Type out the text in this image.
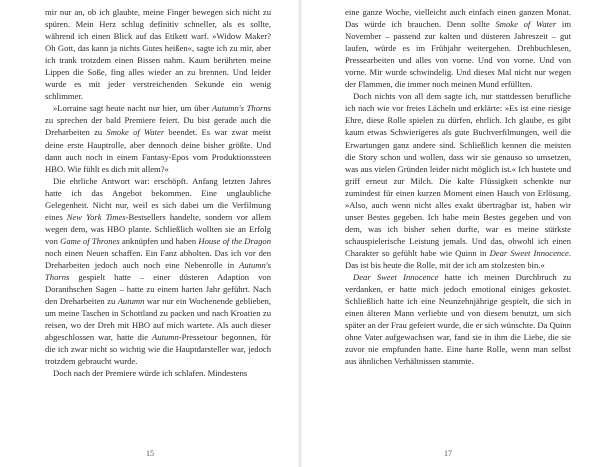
mir nur an, ob ich glaubte, meine Finger bewegen sich nicht zu spüren. Mein Herz schlug definitiv schneller, als es sollte, während ich einen Blick auf das Etikett warf. »Widow Maker? Oh Gott, das kann ja nichts Gutes heißen«, sagte ich zu mir, aber ich trank trotzdem einen Bissen nahm. Kaum berührten meine Lippen die Soße, fing alles wieder an zu brennen. Und leider wurde es mit jeder verstreichenden Sekunde ein wenig schlimmer.

»Lorraine sagt heute nacht nur hier, um über Autumn's Thorns zu sprechen der bald Premiere feiert. Du bist gerade auch die Dreharbeiten zu Smoke of Water beendet. Es war zwar meist deine erste Hauptrolle, aber dennoch deine bisher größte. Und dann auch noch in einem Fantasy-Epos vom Produktionssteen HBO. Wie fühlt es dich mit allem?«

Die ehrliche Antwort war: erschöpft. Anfang letzten Jahres hatte ich das Angebot bekommen. Eine unglaubliche Gelegenheit. Nicht nur, weil es sich dabei um die Verfilmung eines New York Times-Bestsellers handelte, sondern vor allem wegen dem, was HBO plante. Schließlich wollten sie an Erfolg von Game of Thrones anknüpfen und haben House of the Dragon noch einen Neuen schaffen. Ein Fanz abholten. Das ich vor den Dreharbeiten jedoch auch noch eine Nebenrolle in Autumn's Thorns gespielt hatte – einer düsteren Adaption von Doranthschen Sagen – hatte zu einem harten Jahr geführt. Nach den Dreharbeiten zu Autumn war nur ein Wochenende geblieben, um meine Taschen in Schottland zu packen und nach Kroatien zu reisen, wo der Dreh mit HBO auf mich wartete. Als auch dieser abgeschlossen war, hatte die Autumn-Pressetour begonnen, für die ich zwar nicht so wichtig wie die Hauptdarsteller war, jedoch trotzdem gebraucht wurde.

Doch nach der Premiere würde ich schlafen. Mindestens

15

eine ganze Woche, vielleicht auch einfach einen ganzen Monat. Das würde ich brauchen. Denn sollte Smoke of Water im November – passend zur kalten und düsteren Jahreszeit – gut laufen, würde es im Frühjahr weitergehen. Drehbuchlesen, Pressearbeiten und alles von vorne. Und von vorne. Und von vorne. Mir wurde schwindelig. Und dieses Mal nicht nur wegen der Flammen, die immer noch meinen Mund erfüllten.

Doch nichts von all dem sagte ich, nur stattdessen berufliche ich nach wie vor freies Lächeln und erklärte: »Es ist eine riesige Ehre, diese Rolle spielen zu dürfen, ehrlich. Ich glaube, es gibt kaum etwas Schwierigeres als gute Buchverfilmungen, weil die Erwartungen ganz andere sind. Schließlich kennen die meisten die Story schon und wollen, dass wir sie genauso so umsetzen, was aus vielen Gründen leider nicht möglich ist.« Ich hustete und griff erneut zur Milch. Die kalte Flüssigkeit schenkte nur zumindest für einen kurzen Moment einen Hauch von Erlösung. »Also, auch wenn nicht alles exakt übertragbar ist, haben wir unser Bestes gegeben. Ich habe mein Bestes gegeben und von dem, was ich bisher sehen durfte, war es meine stärkste schauspielerische Leistung jemals. Und das, obwohl ich einen Charakter so gefühlt habe wie Quinn in Dear Sweet Innocence. Das ist bis heute die Rolle, mit der ich am stolzesten bin.«

Dear Sweet Innocence hatte ich meinen Durchbruch zu verdanken, er hatte mich jedoch emotional einiges gekostet. Schließlich hatte ich eine Neunzehnjährige gespielt, die sich in einen älteren Mann verliebte und von diesem benutzt, um sich später an der Frau gefeiert wurde, die er sich wünschte. Da Quinn ohne Vater aufgewachsen war, fand sie in ihm die Liebe, die sie zuvor nie empfunden hatte. Eine harte Rolle, wenn man selbst aus ähnlichen Verhältnissen stammte.

17
